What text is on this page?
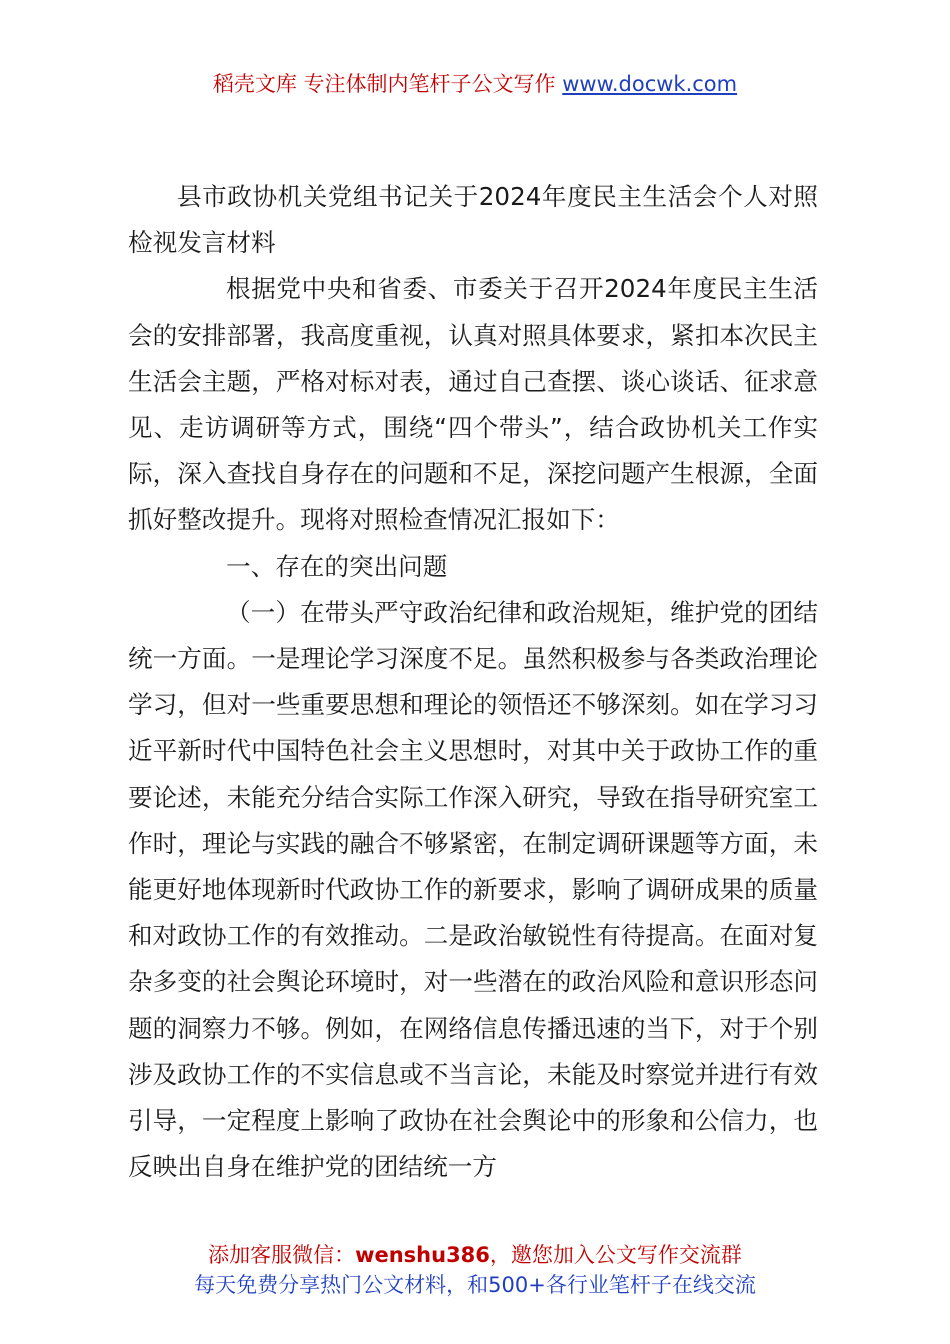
稻壳文库 专注体制内笔杆子公文写作 www.docwk.com

县市政协机关党组书记关于2024年度民主生活会个人对照检视发言材料

根据党中央和省委、市委关于召开2024年度民主生活会的安排部署，我高度重视，认真对照具体要求，紧扣本次民主生活会主题，严格对标对表，通过自己查摆、谈心谈话、征求意见、走访调研等方式，围绕“四个带头”，结合政协机关工作实际，深入查找自身存在的问题和不足，深挖问题产生根源，全面抓好整改提升。现将对照检查情况汇报如下：

一、存在的突出问题

（一）在带头严守政治纪律和政治规矩，维护党的团结统一方面。一是理论学习深度不足。虽然积极参与各类政治理论学习，但对一些重要思想和理论的领悟还不够深刻。如在学习习近平新时代中国特色社会主义思想时，对其中关于政协工作的重要论述，未能充分结合实际工作深入研究，导致在指导研究室工作时，理论与实践的融合不够紧密，在制定调研课题等方面，未能更好地体现新时代政协工作的新要求，影响了调研成果的质量和对政协工作的有效推动。二是政治敏锐性有待提高。在面对复杂多变的社会舆论环境时，对一些潜在的政治风险和意识形态问题的洞察力不够。例如，在网络信息传播迅速的当下，对于个别涉及政协工作的不实信息或不当言论，未能及时察觉并进行有效引导，一定程度上影响了政协在社会舆论中的形象和公信力，也反映出自身在维护党的团结统一方

添加客服微信：wenshu386，邀您加入公文写作交流群
每天免费分享热门公文材料，和500+各行业笔杆子在线交流
